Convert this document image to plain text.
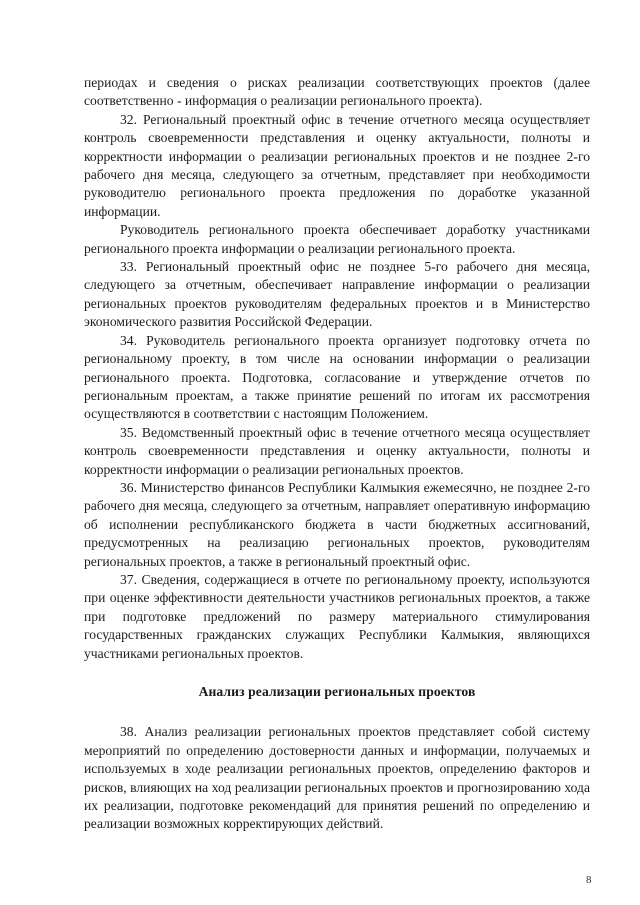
периодах и сведения о рисках реализации соответствующих проектов (далее соответственно - информация о реализации регионального проекта).

32. Региональный проектный офис в течение отчетного месяца осуществляет контроль своевременности представления и оценку актуальности, полноты и корректности информации о реализации региональных проектов и не позднее 2-го рабочего дня месяца, следующего за отчетным, представляет при необходимости руководителю регионального проекта предложения по доработке указанной информации.

Руководитель регионального проекта обеспечивает доработку участниками регионального проекта информации о реализации регионального проекта.

33. Региональный проектный офис не позднее 5-го рабочего дня месяца, следующего за отчетным, обеспечивает направление информации о реализации региональных проектов руководителям федеральных проектов и в Министерство экономического развития Российской Федерации.

34. Руководитель регионального проекта организует подготовку отчета по региональному проекту, в том числе на основании информации о реализации регионального проекта. Подготовка, согласование и утверждение отчетов по региональным проектам, а также принятие решений по итогам их рассмотрения осуществляются в соответствии с настоящим Положением.

35. Ведомственный проектный офис в течение отчетного месяца осуществляет контроль своевременности представления и оценку актуальности, полноты и корректности информации о реализации региональных проектов.

36. Министерство финансов Республики Калмыкия ежемесячно, не позднее 2-го рабочего дня месяца, следующего за отчетным, направляет оперативную информацию об исполнении республиканского бюджета в части бюджетных ассигнований, предусмотренных на реализацию региональных проектов, руководителям региональных проектов, а также в региональный проектный офис.

37. Сведения, содержащиеся в отчете по региональному проекту, используются при оценке эффективности деятельности участников региональных проектов, а также при подготовке предложений по размеру материального стимулирования государственных гражданских служащих Республики Калмыкия, являющихся участниками региональных проектов.

Анализ реализации региональных проектов

38. Анализ реализации региональных проектов представляет собой систему мероприятий по определению достоверности данных и информации, получаемых и используемых в ходе реализации региональных проектов, определению факторов и рисков, влияющих на ход реализации региональных проектов и прогнозированию хода их реализации, подготовке рекомендаций для принятия решений по определению и реализации возможных корректирующих действий.

8
